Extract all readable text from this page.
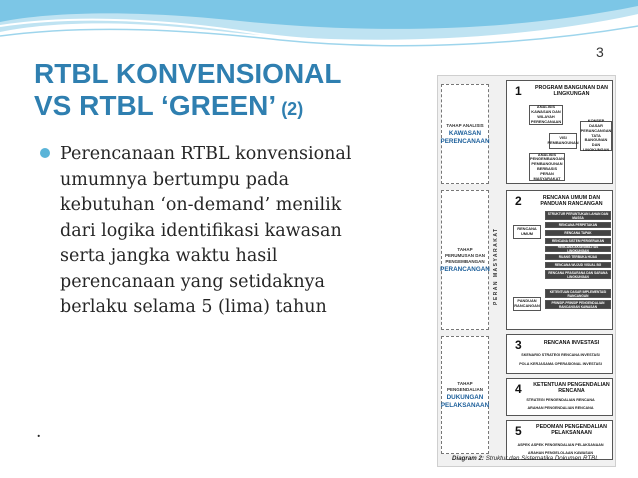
3
RTBL KONVENSIONAL
VS RTBL ‘GREEN’ (2)
Perencanaan RTBL konvensional umumnya bertumpu pada kebutuhan ‘on-demand’ menilik dari logika identifikasi kawasan serta jangka waktu hasil perencanaan yang setidaknya berlaku selama 5 (lima) tahun
.
TAHAP ANALISIS
KAWASAN PERENCANAAN
TAHAP PERUMUSAN DAN PENGEMBANGAN
PERANCANGAN
TAHAP PENGENDALIAN
DUKUNGAN PELAKSANAAN
PERAN MASYARAKAT
1	PROGRAM BANGUNAN DAN LINGKUNGAN
ANALISIS KAWASAN DAN WILAYAH PERENCANAAN
VISI PEMBANGUNAN
KONSEP DASAR PERANCANGAN TATA BANGUNAN DAN LINGKUNGAN
ANALISIS PENGEMBANGAN PEMBANGUNAN BERBASIS PERAN MASYARAKAT
2	RENCANA UMUM DAN PANDUAN RANCANGAN
RENCANA UMUM
PANDUAN RANCANGAN
STRUKTUR PERUNTUKAN LAHAN DAN MASSA
RENCANA PERPETAKAN
RENCANA TAPAK
RENCANA SISTEM PERGERAKAN
RENCANA AKSESIBILITAS LINGKUNGAN
RUANG TERBUKA HIJAU
RENCANA WUJUD VISUAL BG
RENCANA PRASARANA DAN SARANA LINGKUNGAN
KETENTUAN DASAR IMPLEMENTASI RANCANGAN
PRINSIP-PRINSIP PENGENDALIAN RANCANGAN KAWASAN
3	RENCANA INVESTASI
SKENARIO STRATEGI RENCANA INVESTASI
POLA KERJASAMA OPERASIONAL INVESTASI
4 KETENTUAN PENGENDALIAN RENCANA
STRATEGI PENGENDALIAN RENCANA
ARAHAN PENGENDALIAN RENCANA
5	PEDOMAN PENGENDALIAN PELAKSANAAN
ASPEK ASPEK PENGENDALIAN PELAKSANAAN
ARAHAN PENGELOLAAN KAWASAN
Diagram 2: Struktur dan Sistematika Dokumen RTBL
